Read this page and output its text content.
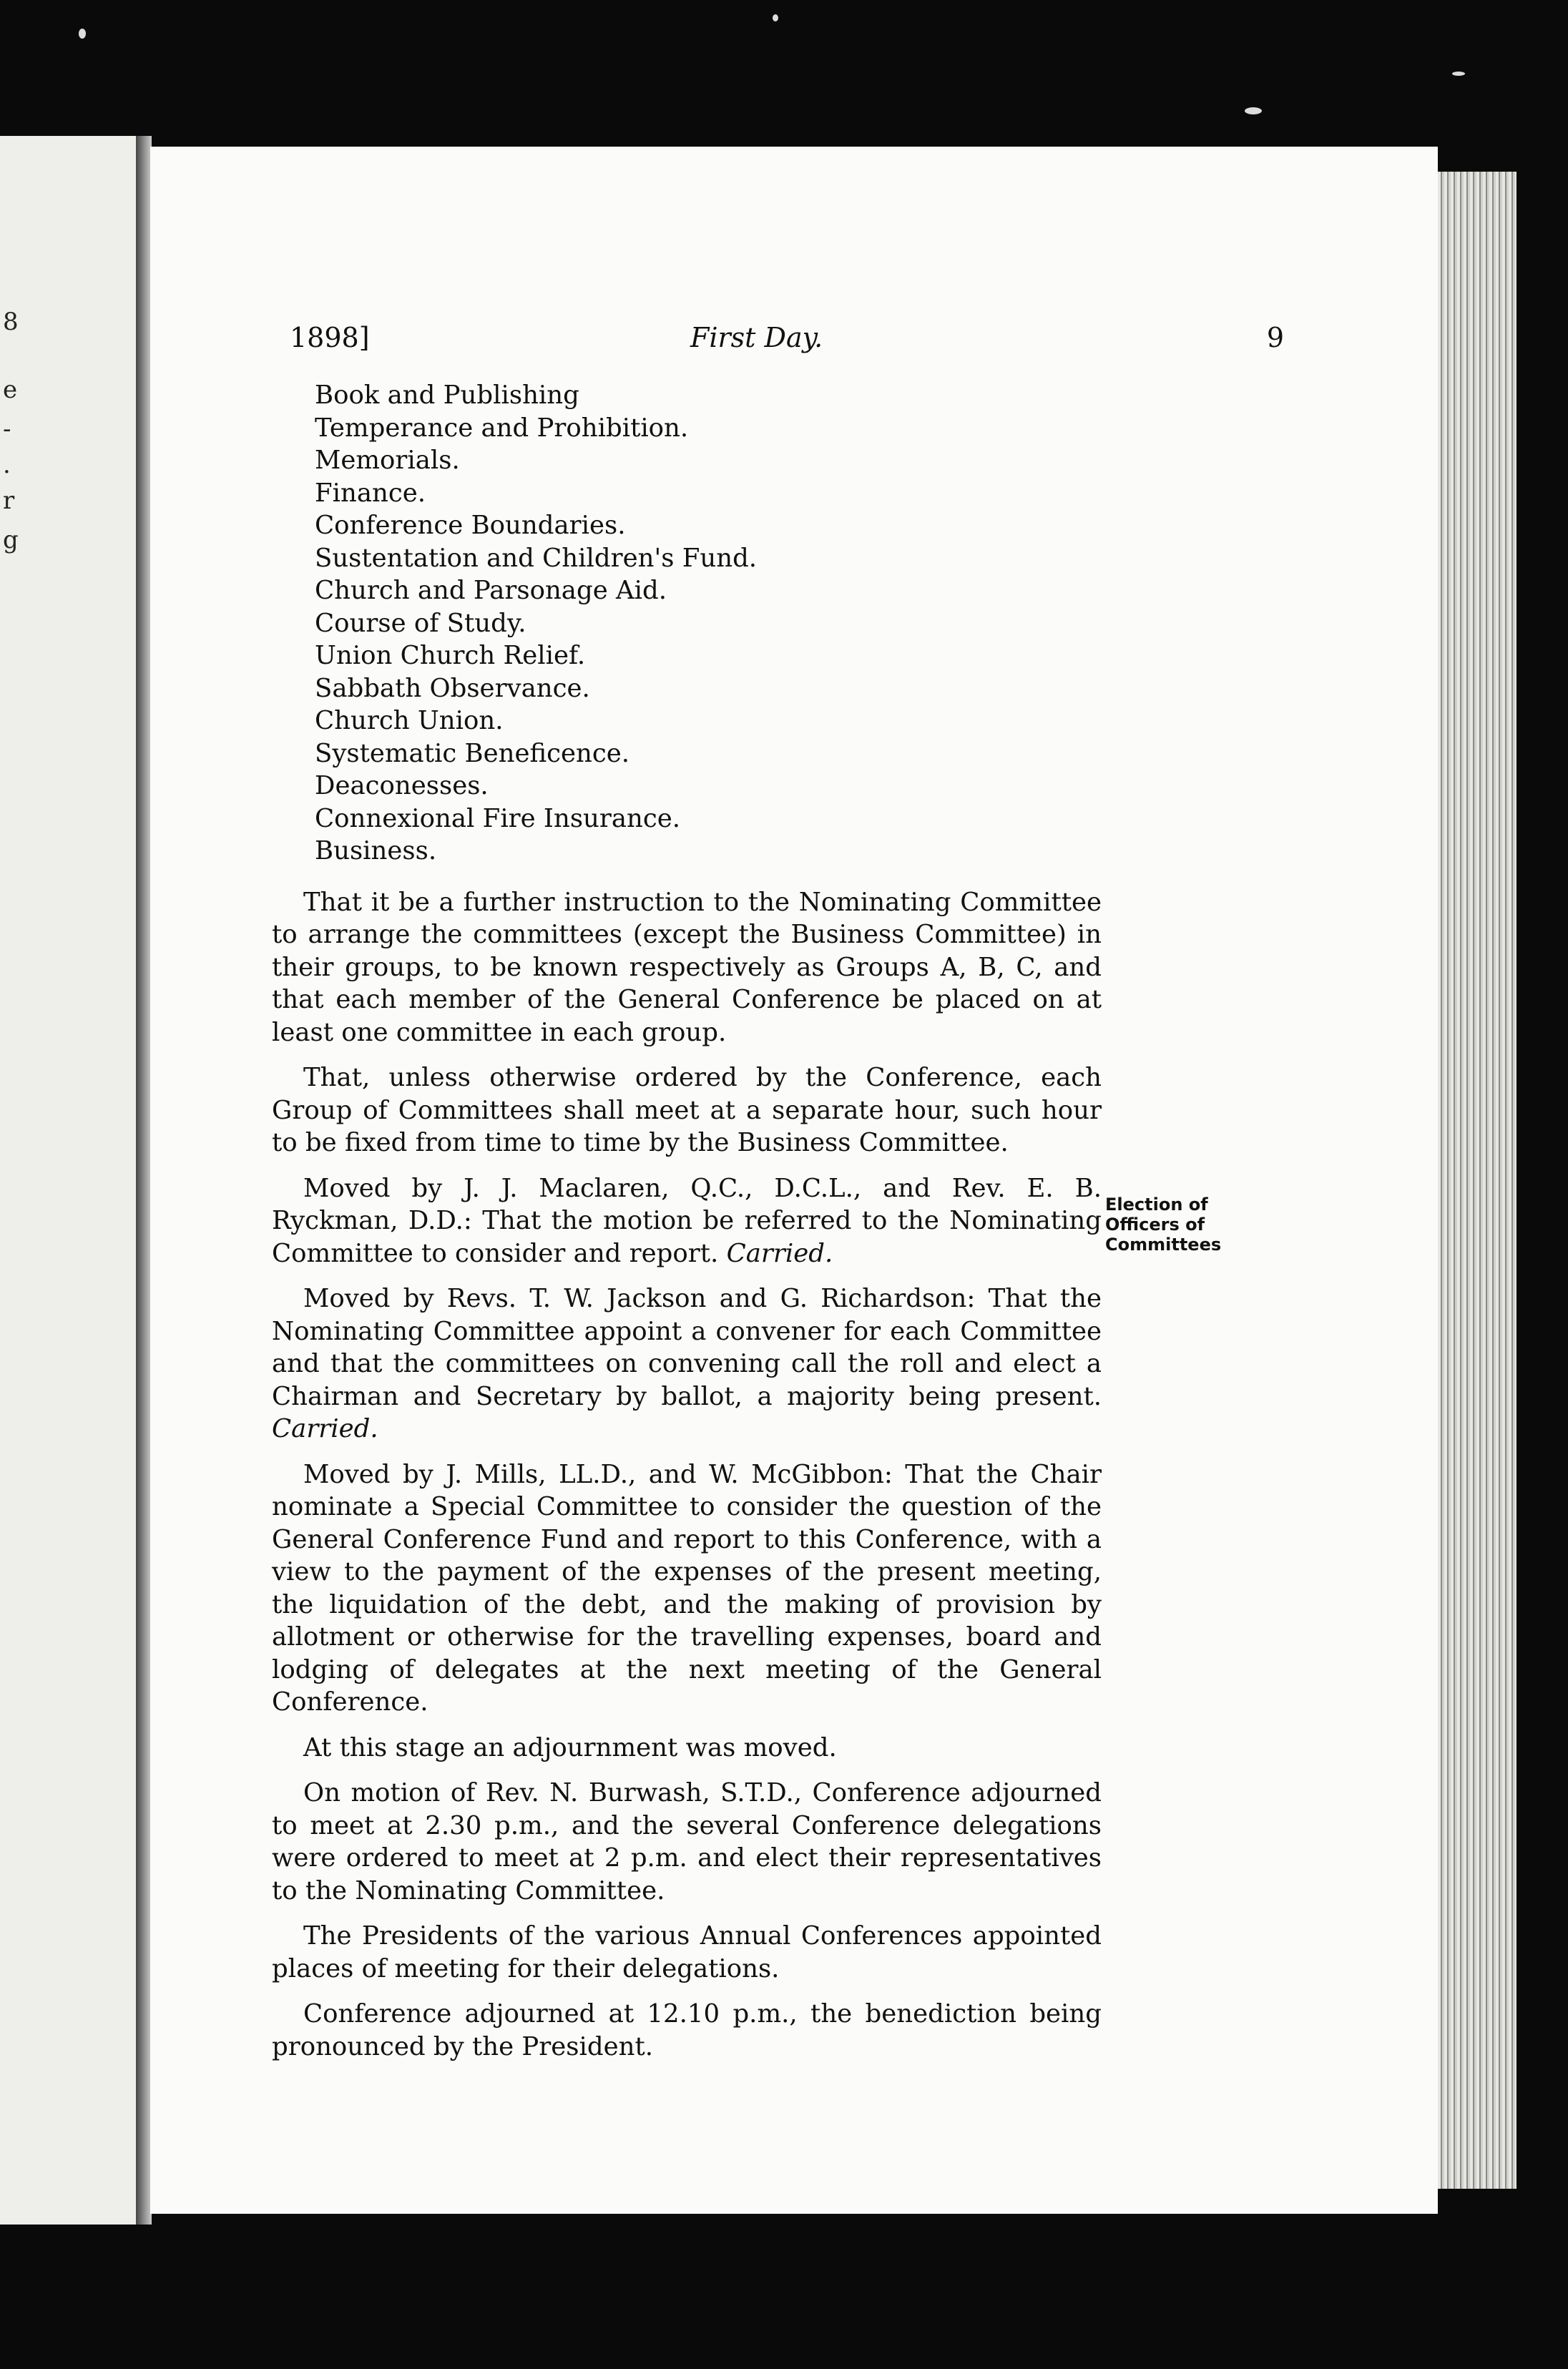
8
e
-
.
r
g
1898]	First Day.	9
Book and Publishing
Temperance and Prohibition.
Memorials.
Finance.
Conference Boundaries.
Sustentation and Children's Fund.
Church and Parsonage Aid.
Course of Study.
Union Church Relief.
Sabbath Observance.
Church Union.
Systematic Beneficence.
Deaconesses.
Connexional Fire Insurance.
Business.

That it be a further instruction to the Nominating Committee to arrange the committees (except the Business Committee) in their groups, to be known respectively as Groups A, B, C, and that each member of the General Conference be placed on at least one committee in each group.

That, unless otherwise ordered by the Conference, each Group of Committees shall meet at a separate hour, such hour to be fixed from time to time by the Business Committee.

Moved by J. J. Maclaren, Q.C., D.C.L., and Rev. E. B. Ryckman, D.D.: That the motion be referred to the Nominating Committee to consider and report. Carried.

Moved by Revs. T. W. Jackson and G. Richardson: That the Nominating Committee appoint a convener for each Committee and that the committees on convening call the roll and elect a Chairman and Secretary by ballot, a majority being present. Carried.

Moved by J. Mills, LL.D., and W. McGibbon: That the Chair nominate a Special Committee to consider the question of the General Conference Fund and report to this Conference, with a view to the payment of the expenses of the present meeting, the liquidation of the debt, and the making of provision by allotment or otherwise for the travelling expenses, board and lodging of delegates at the next meeting of the General Conference.

At this stage an adjournment was moved.

On motion of Rev. N. Burwash, S.T.D., Conference adjourned to meet at 2.30 p.m., and the several Conference delegations were ordered to meet at 2 p.m. and elect their representatives to the Nominating Committee.

The Presidents of the various Annual Conferences appointed places of meeting for their delegations.

Conference adjourned at 12.10 p.m., the benediction being pronounced by the President.

Election of
Officers of
Committees
